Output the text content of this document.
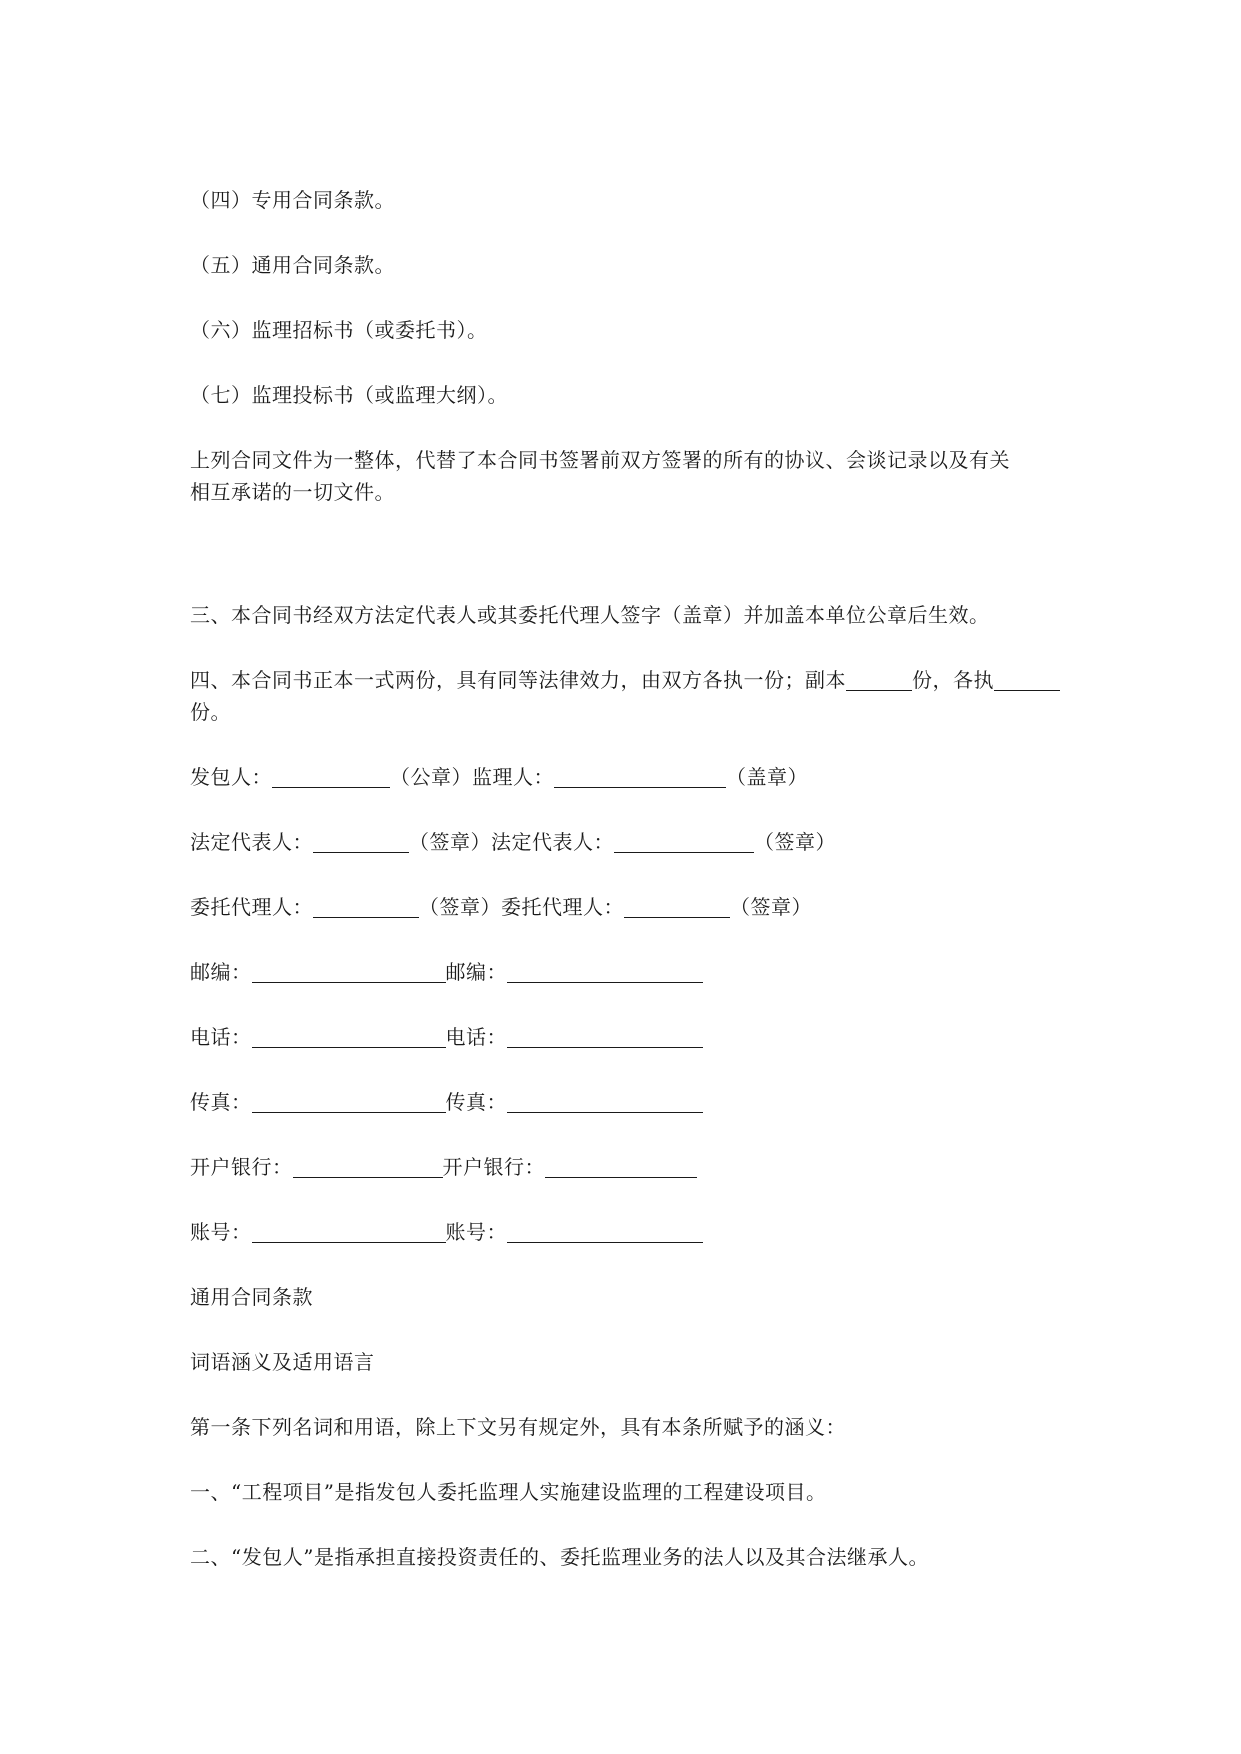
（四）专用合同条款。
（五）通用合同条款。
（六）监理招标书（或委托书）。
（七）监理投标书（或监理大纲）。
上列合同文件为一整体，代替了本合同书签署前双方签署的所有的协议、会谈记录以及有关
相互承诺的一切文件。
三、本合同书经双方法定代表人或其委托代理人签字（盖章）并加盖本单位公章后生效。
四、本合同书正本一式两份，具有同等法律效力，由双方各执一份；副本	份，各执
份。
发包人：	（公章）监理人：	（盖章）
法定代表人：	（签章）法定代表人：	（签章）
委托代理人：	（签章）委托代理人：	（签章）
邮编：	邮编：
电话：	电话：
传真：	传真：
开户银行：	开户银行：
账号：	账号：
通用合同条款
词语涵义及适用语言
第一条下列名词和用语，除上下文另有规定外，具有本条所赋予的涵义：
一、“工程项目”是指发包人委托监理人实施建设监理的工程建设项目。
二、“发包人”是指承担直接投资责任的、委托监理业务的法人以及其合法继承人。
